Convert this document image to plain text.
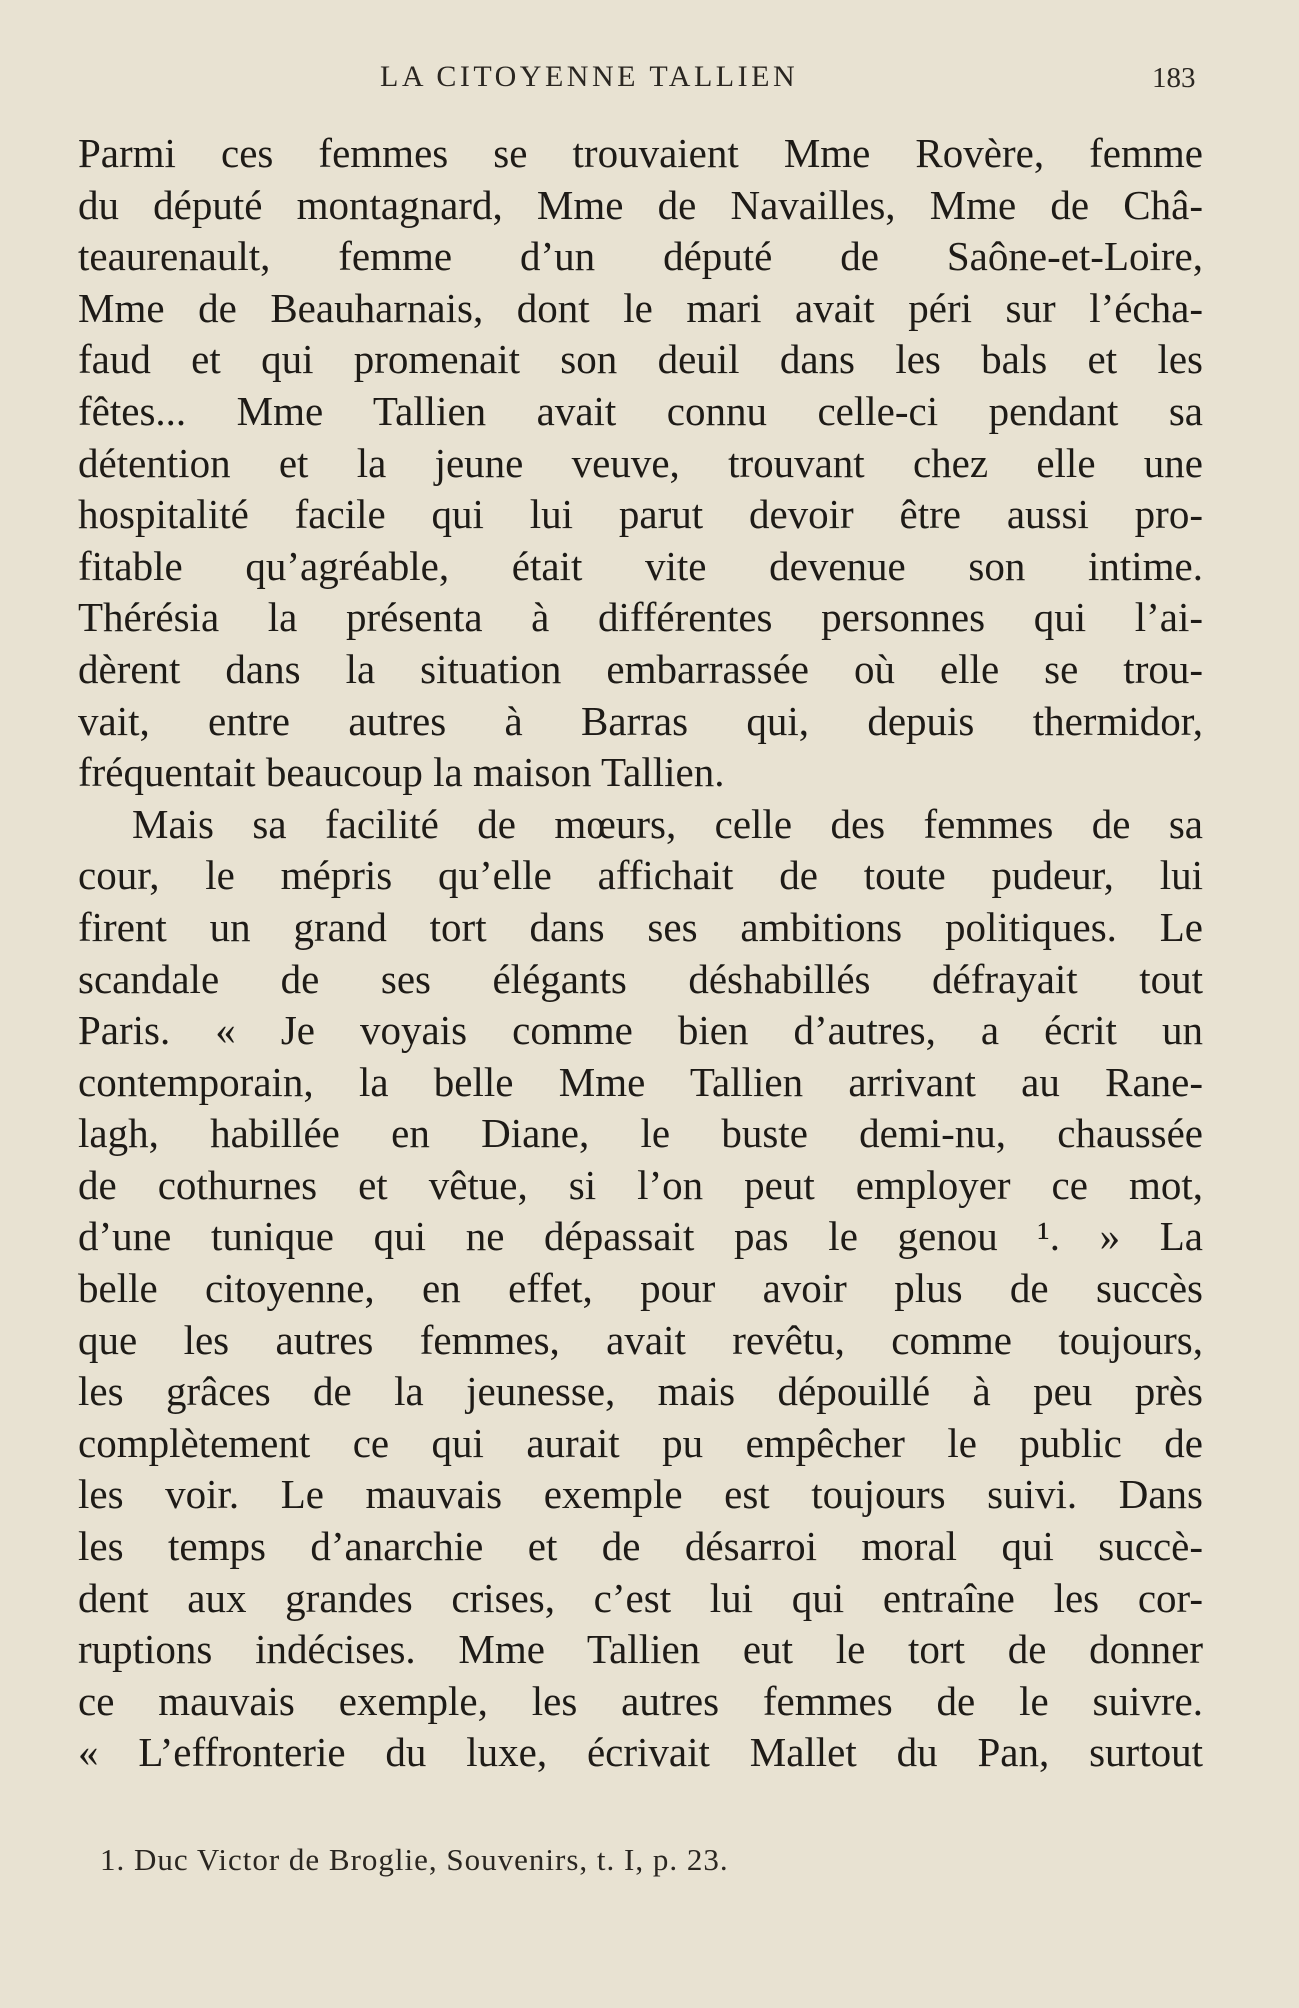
LA CITOYENNE TALLIEN	183
Parmi ces femmes se trouvaient Mme Rovère, femme
du député montagnard, Mme de Navailles, Mme de Châ-
teaurenault, femme d’un député de Saône-et-Loire,
Mme de Beauharnais, dont le mari avait péri sur l’écha-
faud et qui promenait son deuil dans les bals et les
fêtes... Mme Tallien avait connu celle-ci pendant sa
détention et la jeune veuve, trouvant chez elle une
hospitalité facile qui lui parut devoir être aussi pro-
fitable qu’agréable, était vite devenue son intime.
Thérésia la présenta à différentes personnes qui l’ai-
dèrent dans la situation embarrassée où elle se trou-
vait, entre autres à Barras qui, depuis thermidor,
fréquentait beaucoup la maison Tallien.
Mais sa facilité de mœurs, celle des femmes de sa
cour, le mépris qu’elle affichait de toute pudeur, lui
firent un grand tort dans ses ambitions politiques. Le
scandale de ses élégants déshabillés défrayait tout
Paris. « Je voyais comme bien d’autres, a écrit un
contemporain, la belle Mme Tallien arrivant au Rane-
lagh, habillée en Diane, le buste demi-nu, chaussée
de cothurnes et vêtue, si l’on peut employer ce mot,
d’une tunique qui ne dépassait pas le genou ¹. » La
belle citoyenne, en effet, pour avoir plus de succès
que les autres femmes, avait revêtu, comme toujours,
les grâces de la jeunesse, mais dépouillé à peu près
complètement ce qui aurait pu empêcher le public de
les voir. Le mauvais exemple est toujours suivi. Dans
les temps d’anarchie et de désarroi moral qui succè-
dent aux grandes crises, c’est lui qui entraîne les cor-
ruptions indécises. Mme Tallien eut le tort de donner
ce mauvais exemple, les autres femmes de le suivre.
« L’effronterie du luxe, écrivait Mallet du Pan, surtout
1. Duc Victor de Broglie, Souvenirs, t. I, p. 23.
